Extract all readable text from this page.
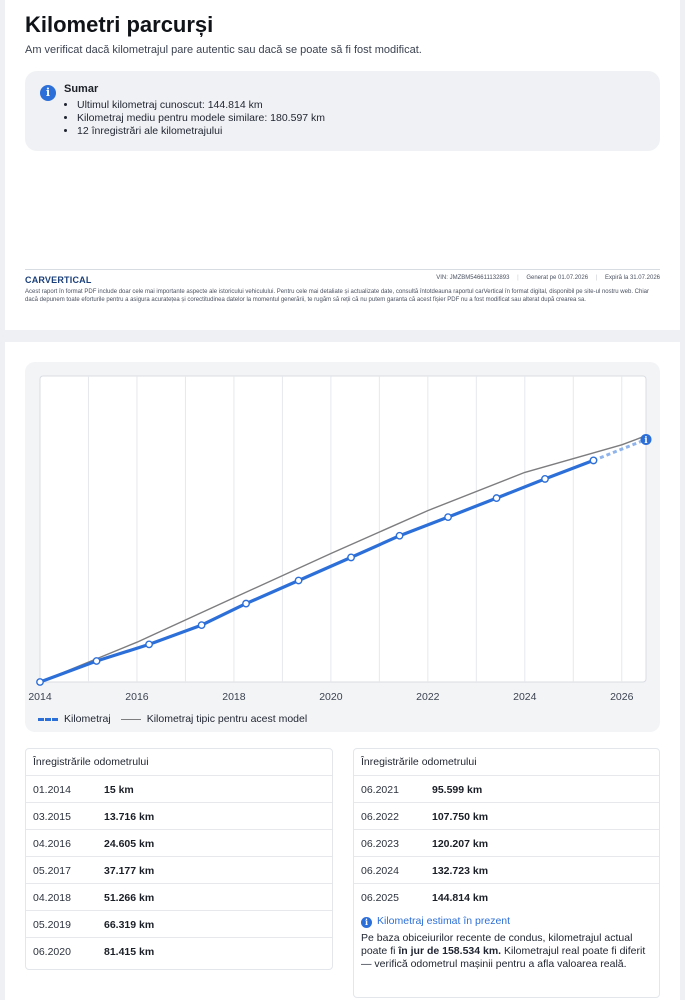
Kilometri parcurși
Am verificat dacă kilometrajul pare autentic sau dacă se poate să fi fost modificat.
i	Sumar
• Ultimul kilometraj cunoscut: 144.814 km
• Kilometraj mediu pentru modele similare: 180.597 km
• 12 înregistrări ale kilometrajului
CARVERTICAL	VIN: JMZBM546611132893 | Generat pe 01.07.2026 | Expiră la 31.07.2026
Acest raport în format PDF include doar cele mai importante aspecte ale istoricului vehiculului. Pentru cele mai detaliate și actualizate date, consultă întotdeauna raportul carVertical în format digital, disponibil pe site-ul nostru web. Chiar dacă depunem toate eforturile pentru a asigura acuratețea și corectitudinea datelor la momentul generării, te rugăm să reții că nu putem garanta că acest fișier PDF nu a fost modificat sau alterat după crearea sa.
2014	2016	2018	2020	2022	2024	2026
i
Kilometraj	Kilometraj tipic pentru acest model
Înregistrările odometrului
01.2014	15 km
03.2015	13.716 km
04.2016	24.605 km
05.2017	37.177 km
04.2018	51.266 km
05.2019	66.319 km
06.2020	81.415 km
Înregistrările odometrului
06.2021	95.599 km
06.2022	107.750 km
06.2023	120.207 km
06.2024	132.723 km
06.2025	144.814 km
i Kilometraj estimat în prezent
Pe baza obiceiurilor recente de condus, kilometrajul actual poate fi în jur de 158.534 km. Kilometrajul real poate fi diferit — verifică odometrul mașinii pentru a afla valoarea reală.
AUTOVIT.RO
